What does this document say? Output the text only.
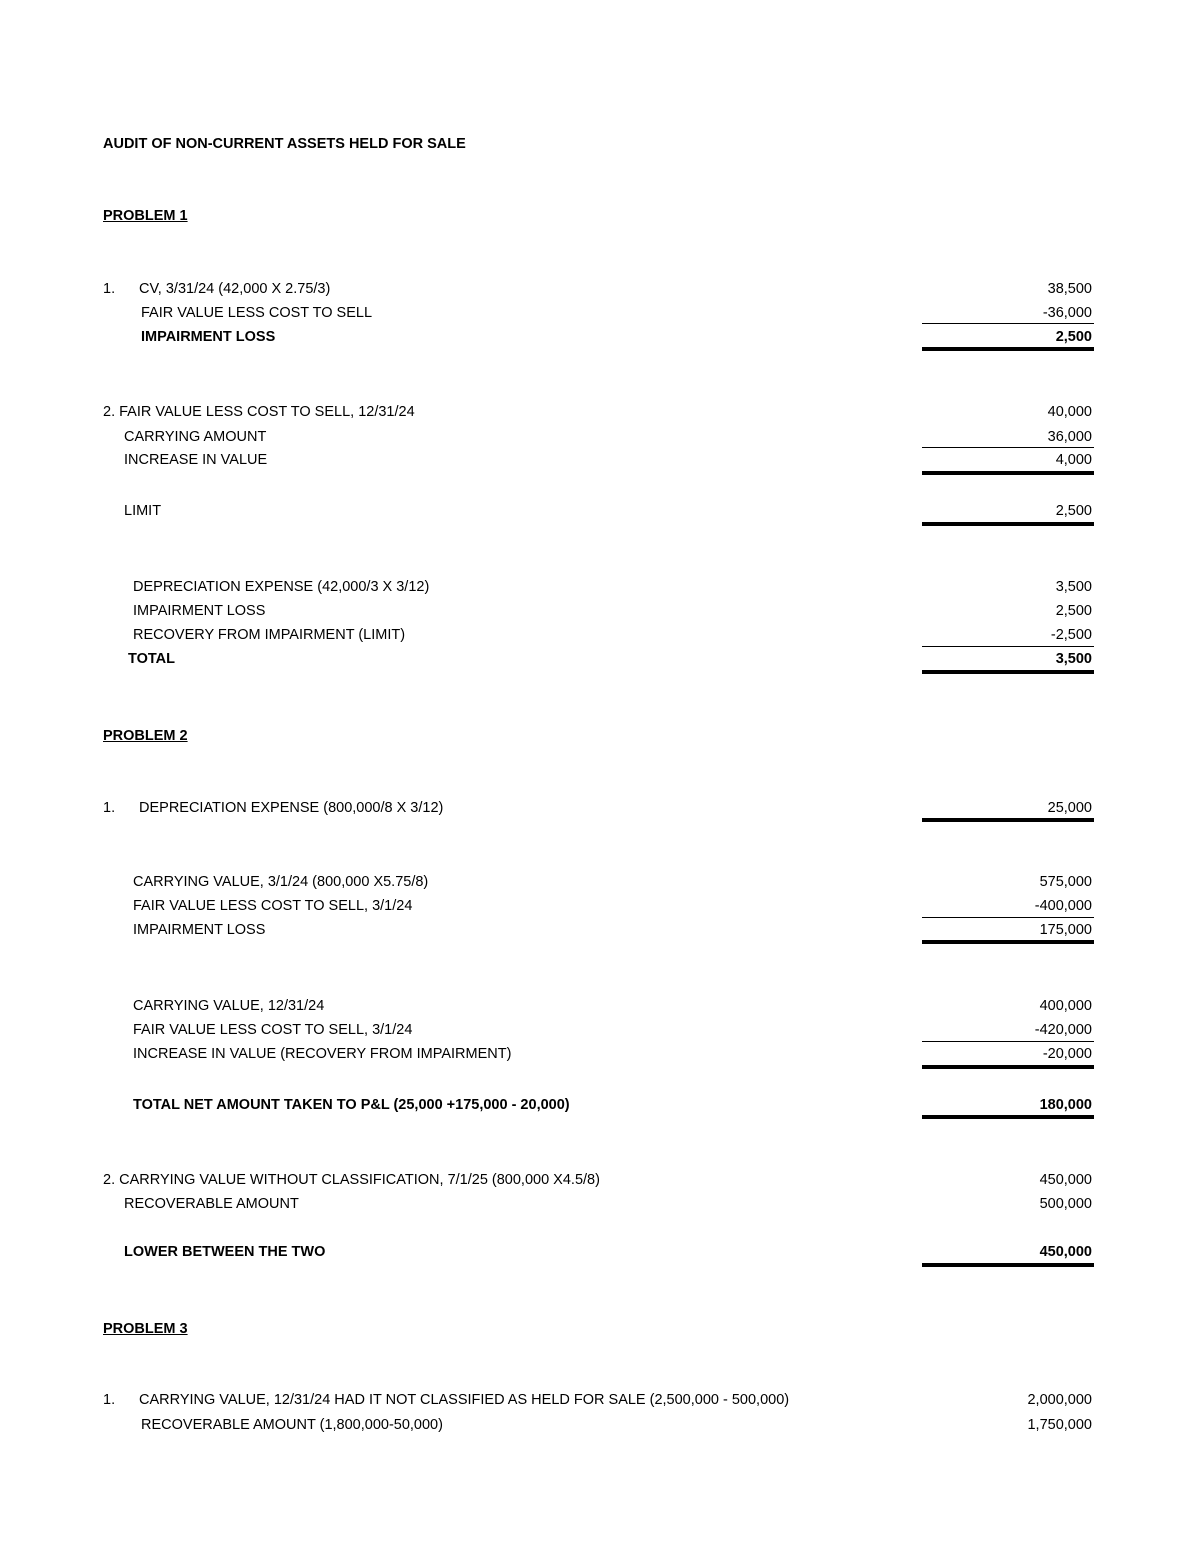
AUDIT OF NON-CURRENT ASSETS HELD FOR SALE
PROBLEM 1
1. CV, 3/31/24 (42,000 X 2.75/3)	38,500
FAIR VALUE LESS COST TO SELL	-36,000
IMPAIRMENT LOSS	2,500
2. FAIR VALUE LESS COST TO SELL, 12/31/24	40,000
CARRYING AMOUNT	36,000
INCREASE IN VALUE	4,000
LIMIT	2,500
DEPRECIATION EXPENSE (42,000/3 X 3/12)	3,500
IMPAIRMENT LOSS	2,500
RECOVERY FROM IMPAIRMENT (LIMIT)	-2,500
TOTAL	3,500
PROBLEM 2
1. DEPRECIATION EXPENSE (800,000/8 X 3/12)	25,000
CARRYING VALUE, 3/1/24 (800,000 X5.75/8)	575,000
FAIR VALUE LESS COST TO SELL, 3/1/24	-400,000
IMPAIRMENT LOSS	175,000
CARRYING VALUE, 12/31/24	400,000
FAIR VALUE LESS COST TO SELL, 3/1/24	-420,000
INCREASE IN VALUE (RECOVERY FROM IMPAIRMENT)	-20,000
TOTAL NET AMOUNT TAKEN TO P&L (25,000 +175,000 - 20,000)	180,000
2. CARRYING VALUE WITHOUT CLASSIFICATION, 7/1/25 (800,000 X4.5/8)	450,000
RECOVERABLE AMOUNT	500,000
LOWER BETWEEN THE TWO	450,000
PROBLEM 3
1. CARRYING VALUE, 12/31/24 HAD IT NOT CLASSIFIED AS HELD FOR SALE (2,500,000 - 500,000)	2,000,000
RECOVERABLE AMOUNT (1,800,000-50,000)	1,750,000
